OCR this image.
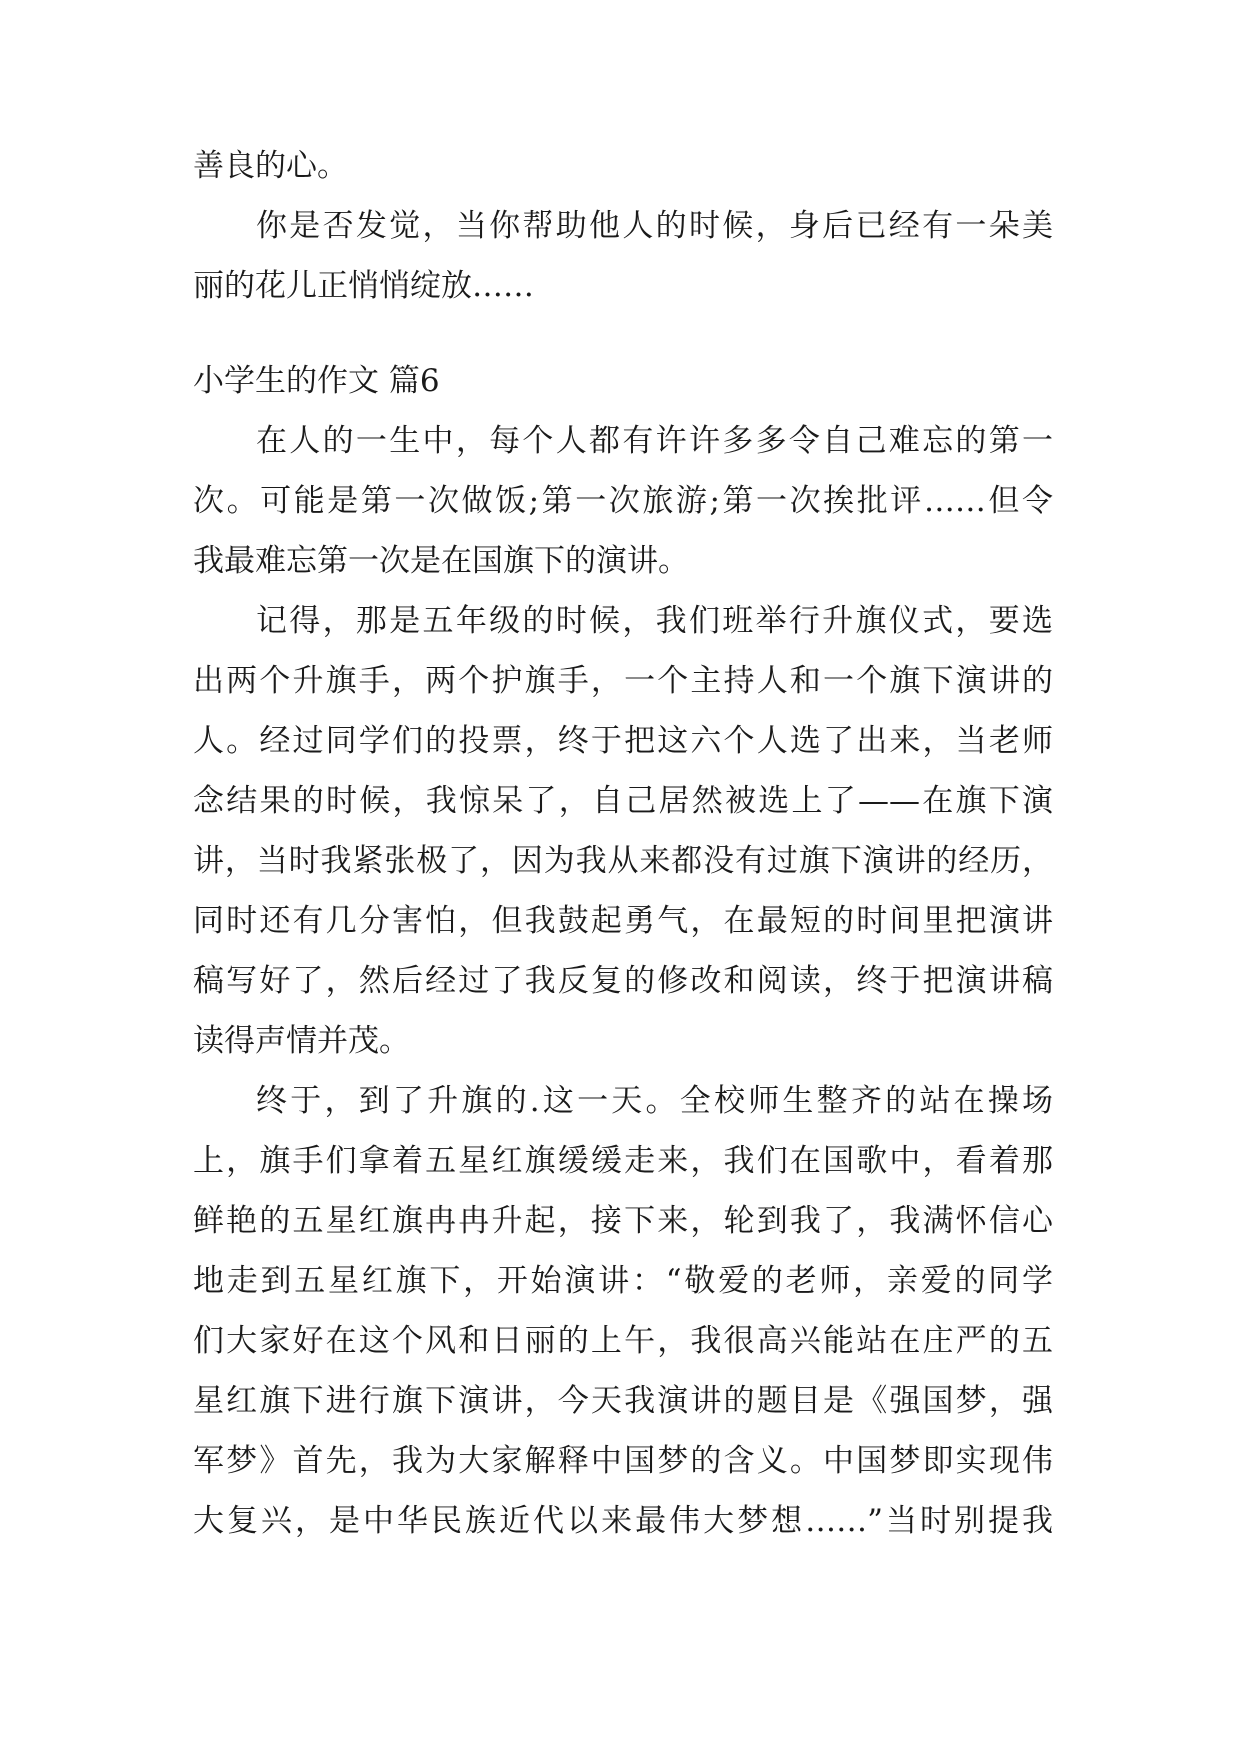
善良的心。
你是否发觉，当你帮助他人的时候，身后已经有一朵美
丽的花儿正悄悄绽放……
小学生的作文 篇6
在人的一生中，每个人都有许许多多令自己难忘的第一
次。可能是第一次做饭;第一次旅游;第一次挨批评……但令
我最难忘第一次是在国旗下的演讲。
记得，那是五年级的时候，我们班举行升旗仪式，要选
出两个升旗手，两个护旗手，一个主持人和一个旗下演讲的
人。经过同学们的投票，终于把这六个人选了出来，当老师
念结果的时候，我惊呆了，自己居然被选上了——在旗下演
讲，当时我紧张极了，因为我从来都没有过旗下演讲的经历，
同时还有几分害怕，但我鼓起勇气，在最短的时间里把演讲
稿写好了，然后经过了我反复的修改和阅读，终于把演讲稿
读得声情并茂。
终于，到了升旗的.这一天。全校师生整齐的站在操场
上，旗手们拿着五星红旗缓缓走来，我们在国歌中，看着那
鲜艳的五星红旗冉冉升起，接下来，轮到我了，我满怀信心
地走到五星红旗下，开始演讲：“敬爱的老师，亲爱的同学
们大家好在这个风和日丽的上午，我很高兴能站在庄严的五
星红旗下进行旗下演讲，今天我演讲的题目是《强国梦，强
军梦》首先，我为大家解释中国梦的含义。中国梦即实现伟
大复兴，是中华民族近代以来最伟大梦想……”当时别提我
